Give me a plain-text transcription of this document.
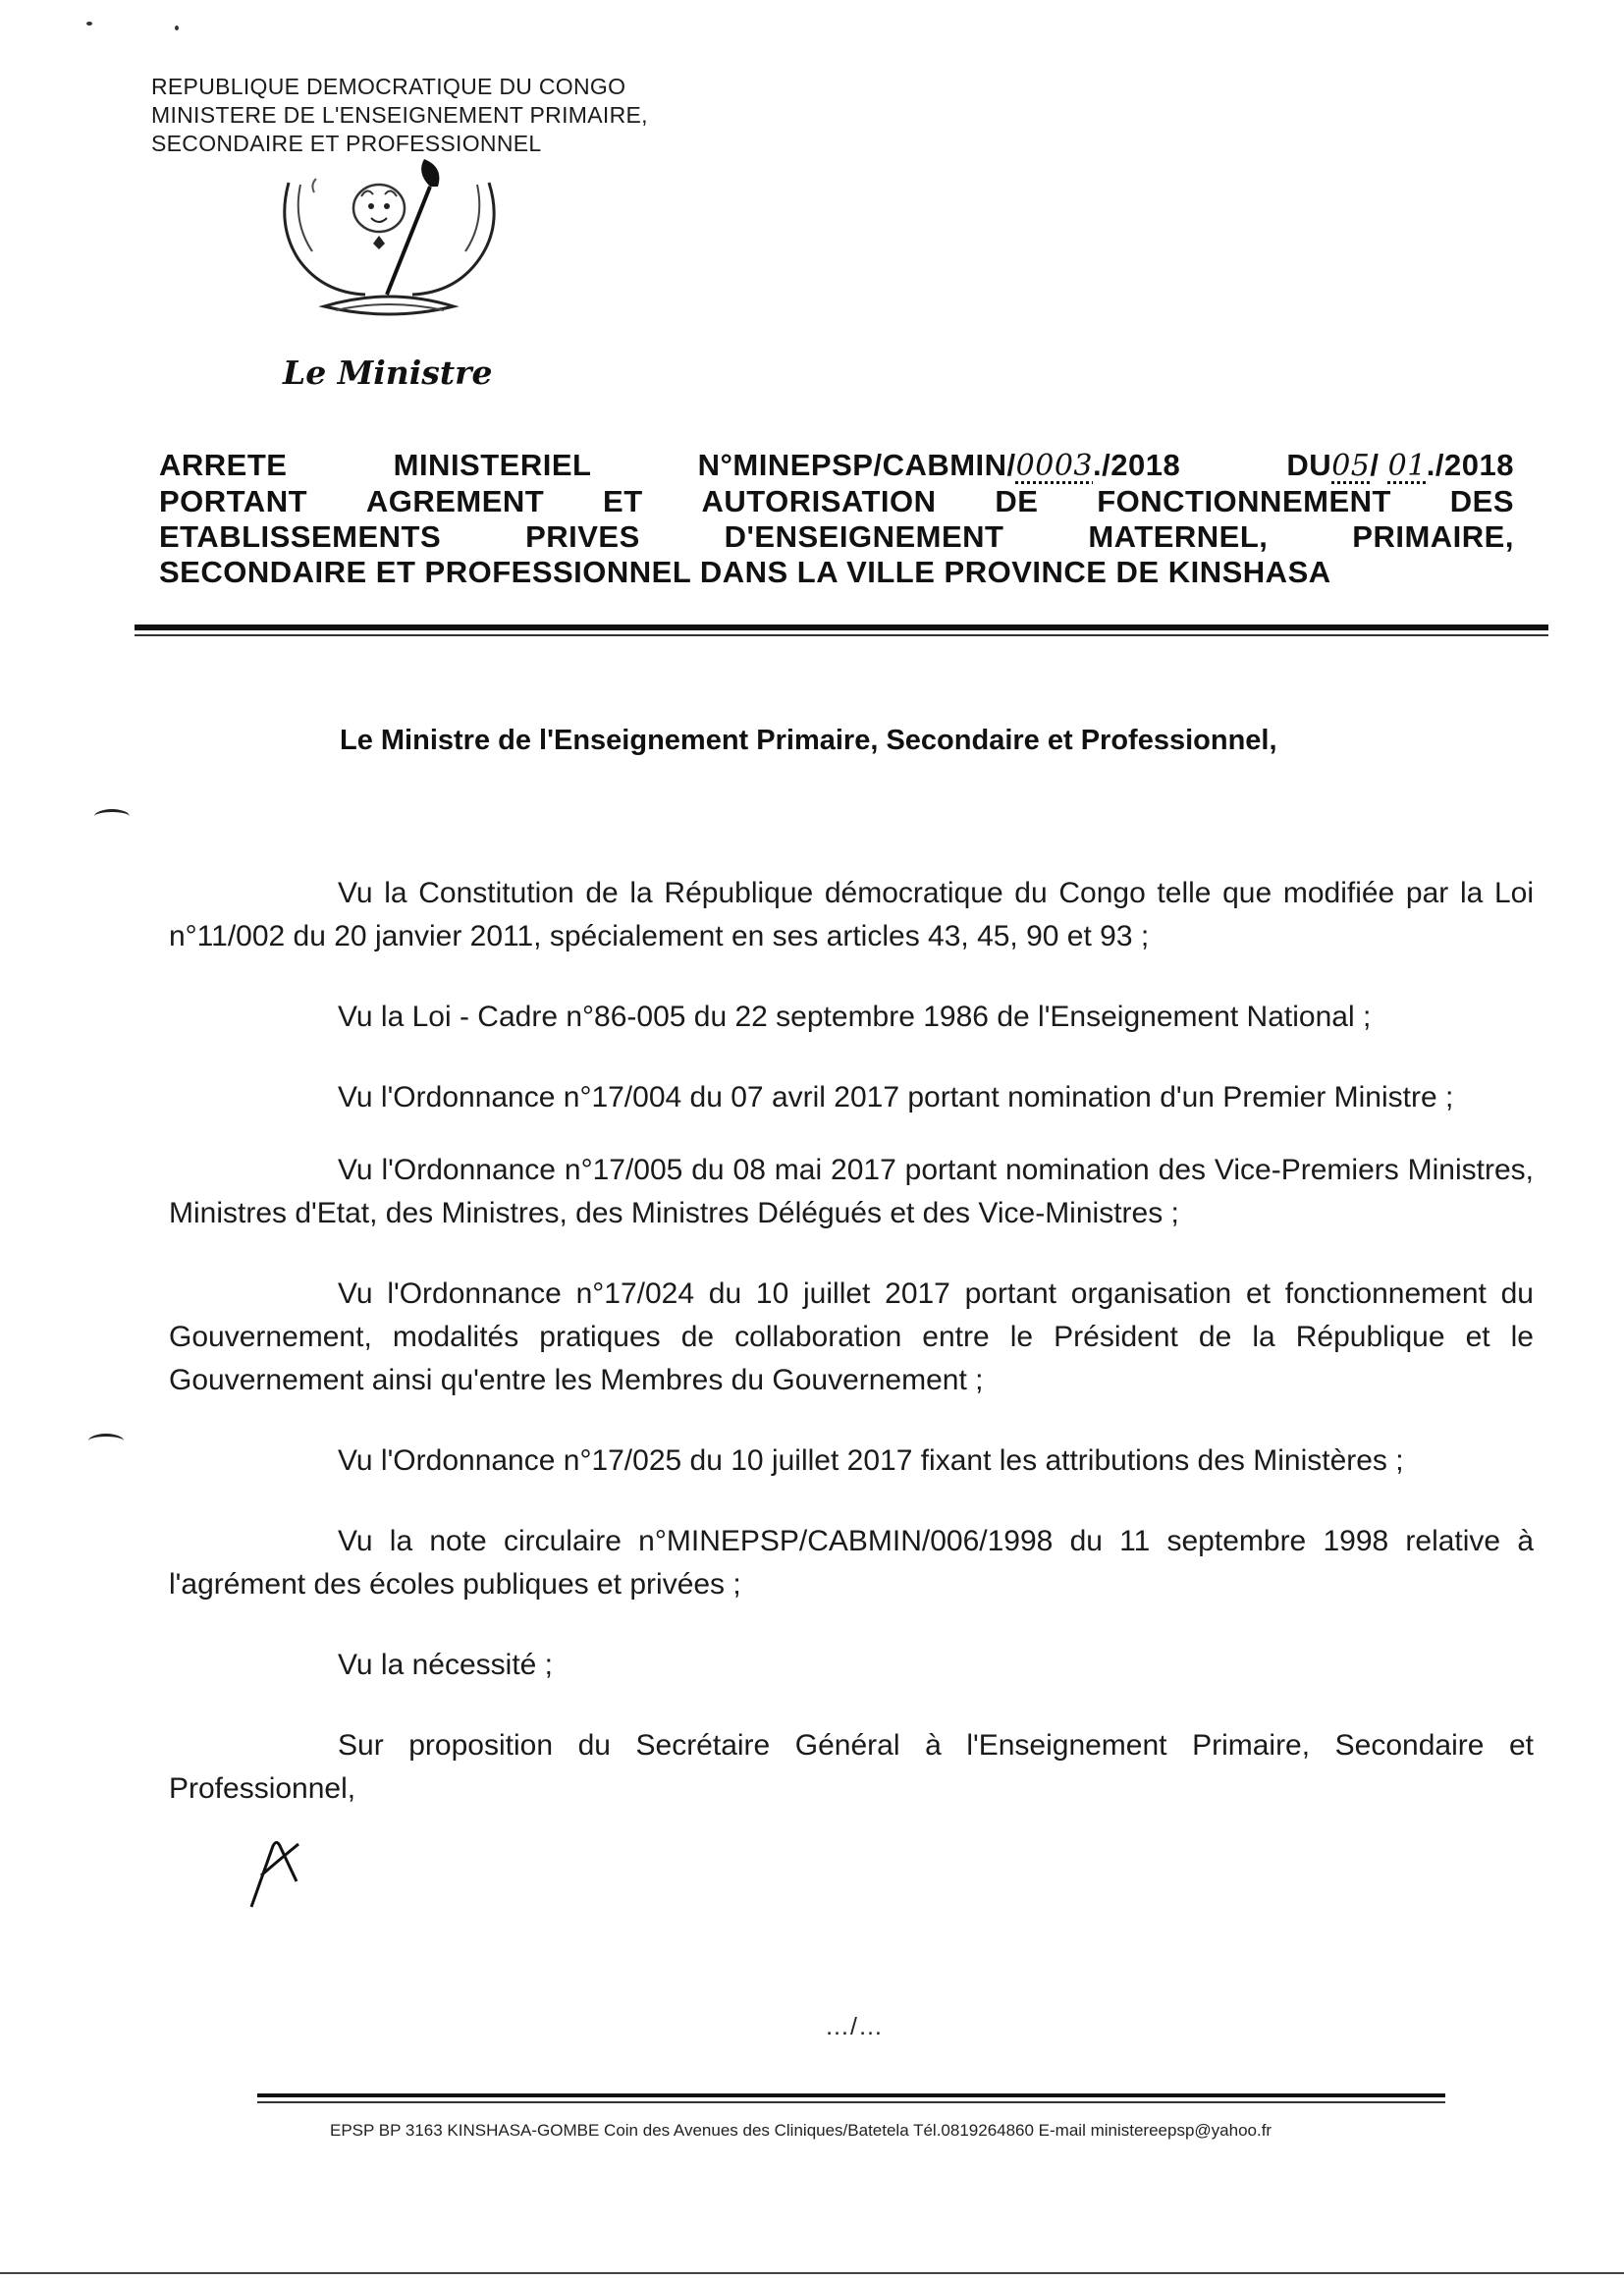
REPUBLIQUE DEMOCRATIQUE DU CONGO
MINISTERE DE L'ENSEIGNEMENT PRIMAIRE,
SECONDAIRE ET PROFESSIONNEL
Le Ministre
ARRETE	MINISTERIEL	N°MINEPSP/CABMIN/0003./2018	DU05/ 01./2018
PORTANT AGREMENT ET AUTORISATION DE FONCTIONNEMENT DES
ETABLISSEMENTS	PRIVES	D'ENSEIGNEMENT	MATERNEL,	PRIMAIRE,
SECONDAIRE ET PROFESSIONNEL DANS LA VILLE PROVINCE DE KINSHASA
Le Ministre de l'Enseignement Primaire, Secondaire et Professionnel,

Vu la Constitution de la République démocratique du Congo telle que modifiée par la Loi n°11/002 du 20 janvier 2011, spécialement en ses articles 43, 45, 90 et 93 ;

Vu la Loi - Cadre n°86-005 du 22 septembre 1986 de l'Enseignement National ;

Vu l'Ordonnance n°17/004 du 07 avril 2017 portant nomination d'un Premier Ministre ;

Vu l'Ordonnance n°17/005 du 08 mai 2017 portant nomination des Vice-Premiers Ministres, Ministres d'Etat, des Ministres, des Ministres Délégués et des Vice-Ministres ;

Vu l'Ordonnance n°17/024 du 10 juillet 2017 portant organisation et fonctionnement du Gouvernement, modalités pratiques de collaboration entre le Président de la République et le Gouvernement ainsi qu'entre les Membres du Gouvernement ;

Vu l'Ordonnance n°17/025 du 10 juillet 2017 fixant les attributions des Ministères ;

Vu la note circulaire n°MINEPSP/CABMIN/006/1998 du 11 septembre 1998 relative à l'agrément des écoles publiques et privées ;

Vu la nécessité ;

Sur proposition du Secrétaire Général à l'Enseignement Primaire, Secondaire et Professionnel,

…/…
EPSP BP 3163 KINSHASA-GOMBE Coin des Avenues des Cliniques/Batetela Tél.0819264860 E-mail ministereepsp@yahoo.fr
